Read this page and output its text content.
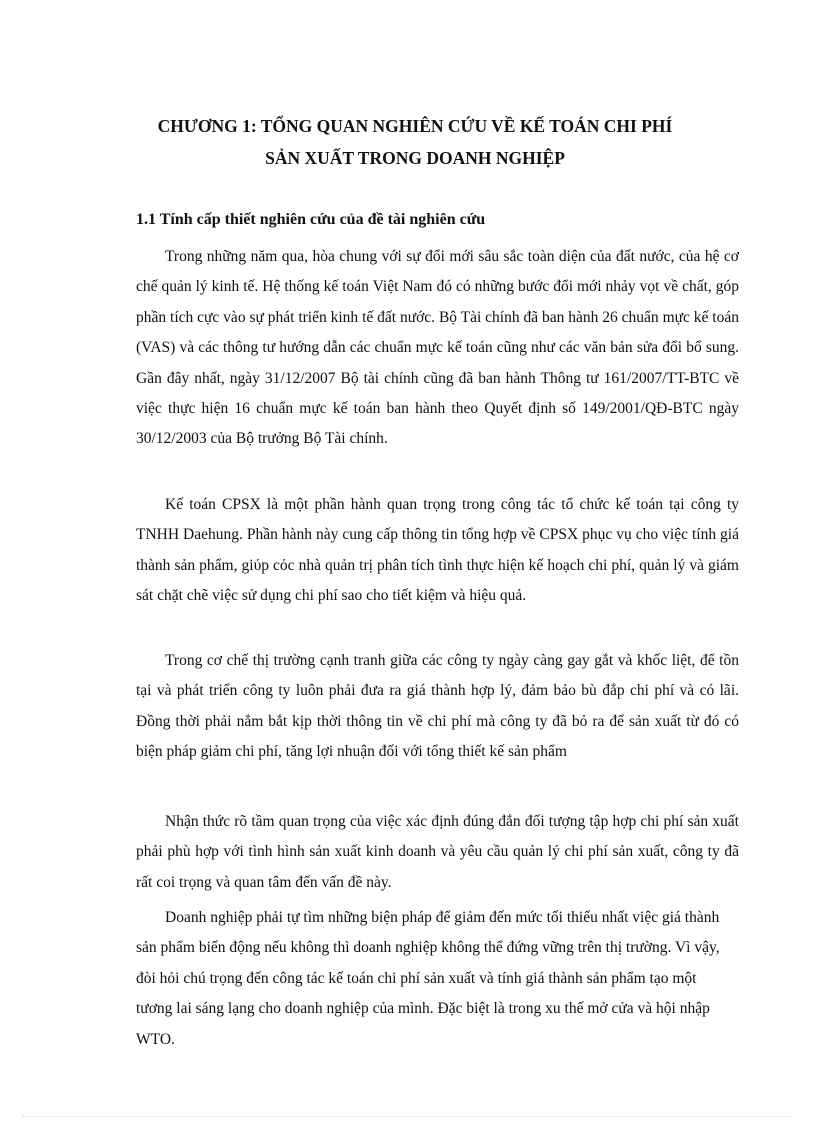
CHƯƠNG 1: TỔNG QUAN NGHIÊN CỨU VỀ KẾ TOÁN CHI PHÍ
SẢN XUẤT TRONG DOANH NGHIỆP
1.1 Tính cấp thiết nghiên cứu của đề tài nghiên cứu

Trong những năm qua, hòa chung với sự đổi mới sâu sắc toàn diện của đất nước, của hệ cơ chế quản lý kinh tế. Hệ thống kế toán Việt Nam đó có những bước đổi mới nhảy vọt về chất, góp phần tích cực vào sự phát triển kinh tế đất nước. Bộ Tài chính đã ban hành 26 chuẩn mực kế toán (VAS) và các thông tư hướng dẫn các chuẩn mực kế toán cũng như các văn bản sửa đổi bổ sung. Gần đây nhất, ngày 31/12/2007 Bộ tài chính cũng đã ban hành Thông tư 161/2007/TT-BTC về việc thực hiện 16 chuẩn mực kế toán ban hành theo Quyết định số 149/2001/QĐ-BTC ngày 30/12/2003 của Bộ trưởng Bộ Tài chính.

Kế toán CPSX là một phần hành quan trọng trong công tác tổ chức kế toán tại công ty TNHH Daehung. Phần hành này cung cấp thông tin tổng hợp về CPSX phục vụ cho việc tính giá thành sản phẩm, giύp cόc nhà quản trị phân tích tình thực hiện kế hoạch chi phí, quản lý và giám sát chặt chẽ việc sử dụng chi phí sao cho tiết kiệm và hiệu quả.

Trong cơ chế thị trường cạnh tranh giữa các công ty ngày càng gay gắt và khốc liệt, để tồn tại và phát triển công ty luôn phải đưa ra giá thành hợp lý, đảm bảo bù đắp chi phí và có lãi. Đồng thời phải nắm bắt kịp thời thông tin về chi phí mà công ty đã bỏ ra để sản xuất từ đó có biện pháp giảm chi phí, tăng lợi nhuận đối với tổng thiết kế sản phẩm

Nhận thức rõ tầm quan trọng của việc xác định đúng đắn đối tượng tập hợp chi phí sản xuất phải phù hợp với tình hình sản xuất kinh doanh và yêu cầu quản lý chi phí sản xuất, công ty đã rất coi trọng và quan tâm đến vấn đề này.

Doanh nghiệp phải tự tìm những biện pháp để giảm đến mức tối thiểu nhất việc giá thành sản phẩm biến động nếu không thì doanh nghiệp không thể đứng vững trên thị trường. Vì vậy, đòi hỏi chú trọng đến công tác kế toán chi phí sản xuất và tính giá thành sản phẩm tạo một tương lai sáng lạng cho doanh nghiệp của mình. Đặc biệt là trong xu thế mở cửa và hội nhập WTO.
